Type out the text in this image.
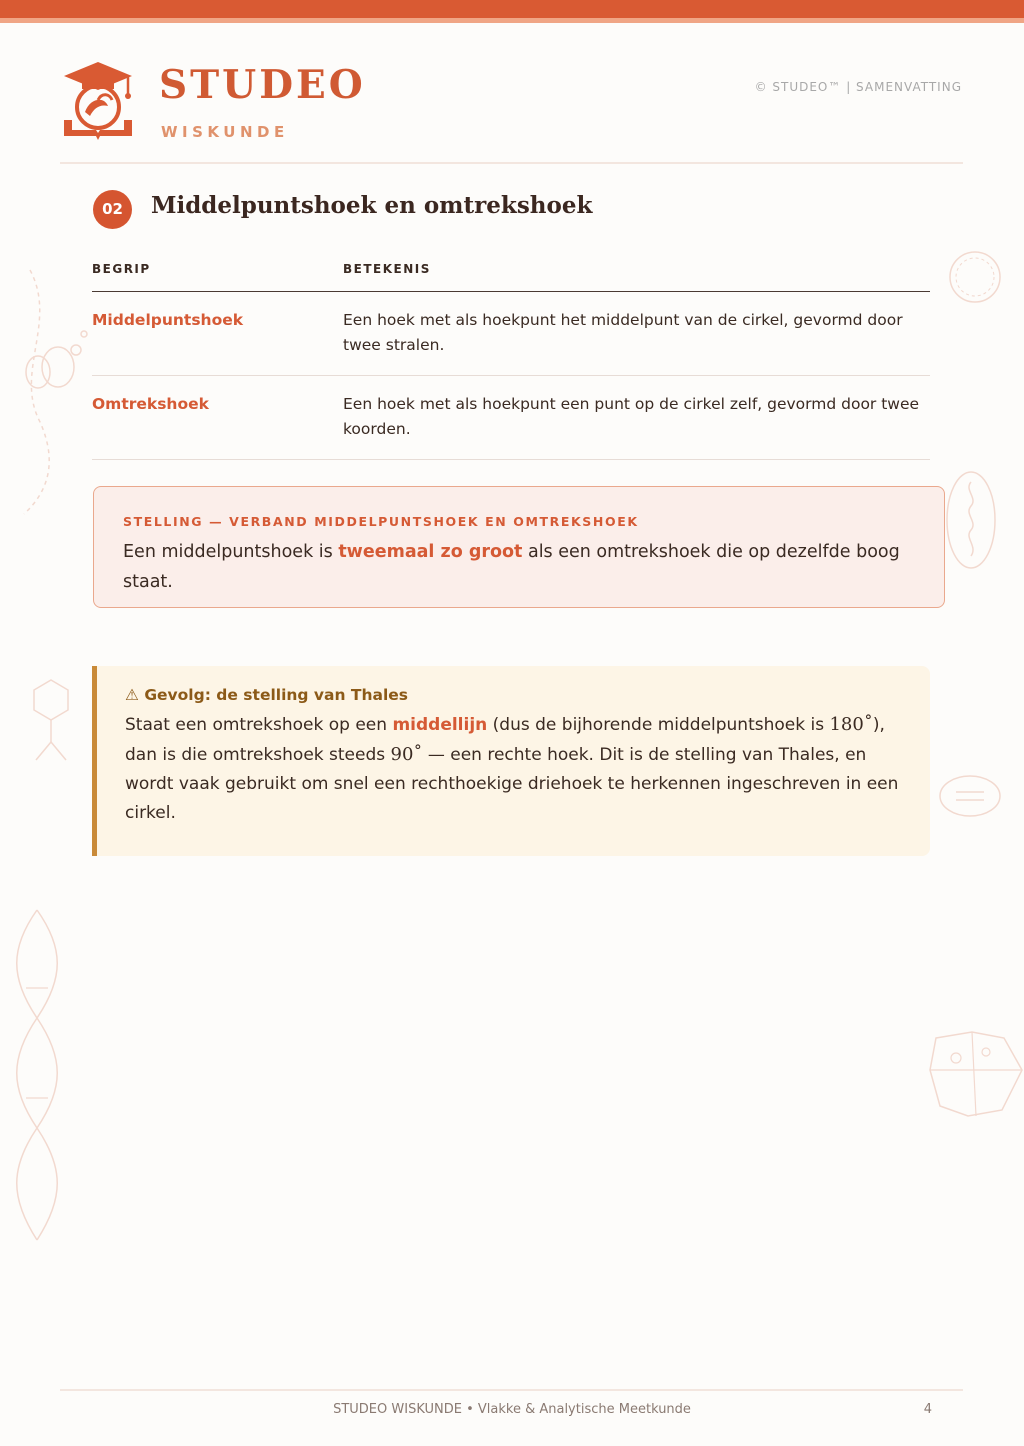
STUDEO
WISKUNDE
© STUDEO™ | SAMENVATTING
02	Middelpuntshoek en omtrekshoek
BEGRIP	BETEKENIS
Middelpuntshoek	Een hoek met als hoekpunt het middelpunt van de cirkel, gevormd door twee stralen.
Omtrekshoek	Een hoek met als hoekpunt een punt op de cirkel zelf, gevormd door twee koorden.
STELLING — VERBAND MIDDELPUNTSHOEK EN OMTREKSHOEK
Een middelpuntshoek is tweemaal zo groot als een omtrekshoek die op dezelfde boog staat.
⚠ Gevolg: de stelling van Thales
Staat een omtrekshoek op een middellijn (dus de bijhorende middelpuntshoek is 180˚), dan is die omtrekshoek steeds 90˚ — een rechte hoek. Dit is de stelling van Thales, en wordt vaak gebruikt om snel een rechthoekige driehoek te herkennen ingeschreven in een cirkel.
STUDEO WISKUNDE • Vlakke & Analytische Meetkunde	4
